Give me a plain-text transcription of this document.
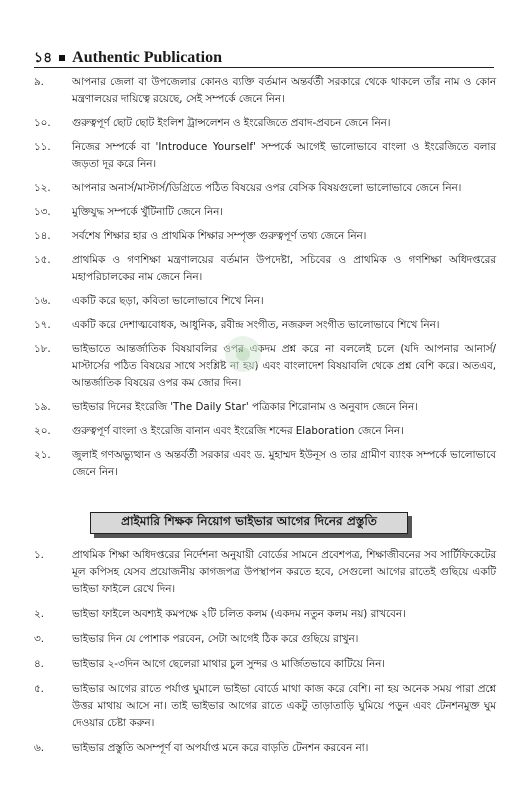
১৪ Authentic Publication
৯.	আপনার জেলা বা উপজেলার কোনও ব্যক্তি বর্তমান অন্তর্বর্তী সরকারে থেকে থাকলে তাঁর নাম ও কোন মন্ত্রণালয়ের দায়িত্বে রয়েছে, সেই সম্পর্কে জেনে নিন।
১০.	গুরুত্বপূর্ণ ছোট ছোট ইংলিশ ট্রান্সলেশন ও ইংরেজিতে প্রবাদ-প্রবচন জেনে নিন।
১১.	নিজের সম্পর্কে বা 'Introduce Yourself' সম্পর্কে আগেই ভালোভাবে বাংলা ও ইংরেজিতে বলার জড়তা দূর করে নিন।
১২.	আপনার অনার্স/মাস্টার্স/ডিগ্রিতে পঠিত বিষয়ের ওপর বেসিক বিষয়গুলো ভালোভাবে জেনে নিন।
১৩.	মুক্তিযুদ্ধ সম্পর্কে খুঁটিনাটি জেনে নিন।
১৪.	সর্বশেষ শিক্ষার হার ও প্রাথমিক শিক্ষার সম্পৃক্ত গুরুত্বপূর্ণ তথ্য জেনে নিন।
১৫.	প্রাথমিক ও গণশিক্ষা মন্ত্রণালয়ের বর্তমান উপদেষ্টা, সচিবের ও প্রাথমিক ও গণশিক্ষা অধিদপ্তরের মহাপরিচালকের নাম জেনে নিন।
১৬.	একটি করে ছড়া, কবিতা ভালোভাবে শিখে নিন।
১৭.	একটি করে দেশাত্মবোধক, আধুনিক, রবীন্দ্র সংগীত, নজরুল সংগীত ভালোভাবে শিখে নিন।
১৮.	ভাইভাতে আন্তর্জাতিক বিষয়াবলির ওপর একদম প্রশ্ন করে না বললেই চলে (যদি আপনার আনার্স/মাস্টার্সের পঠিত বিষয়ের সাথে সংশ্লিষ্ট না হয়) এবং বাংলাদেশ বিষয়াবলি থেকে প্রশ্ন বেশি করে। অতএব, আন্তর্জাতিক বিষয়ের ওপর কম জোর দিন।
১৯.	ভাইভার দিনের ইংরেজি 'The Daily Star' পত্রিকার শিরোনাম ও অনুবাদ জেনে নিন।
২০.	গুরুত্বপূর্ণ বাংলা ও ইংরেজি বানান এবং ইংরেজি শব্দের Elaboration জেনে নিন।
২১.	জুলাই গণঅভ্যুত্থান ও অন্তর্বর্তী সরকার এবং ড. মুহাম্মদ ইউনূস ও তার গ্রামীণ ব্যাংক সম্পর্কে ভালোভাবে জেনে নিন।
প্রাইমারি শিক্ষক নিয়োগ ভাইভার আগের দিনের প্রস্তুতি
১.	প্রাথমিক শিক্ষা অধিদপ্তরের নির্দেশনা অনুযায়ী বোর্ডের সামনে প্রবেশপত্র, শিক্ষাজীবনের সব সার্টিফিকেটের মূল কপিসহ যেসব প্রয়োজনীয় কাগজপত্র উপস্থাপন করতে হবে, সেগুলো আগের রাতেই গুছিয়ে একটি ভাইভা ফাইলে রেখে দিন।
২.	ভাইভা ফাইলে অবশ্যই কমপক্ষে ২টি চলিত কলম (একদম নতুন কলম নয়) রাখবেন।
৩.	ভাইভার দিন যে পোশাক পরবেন, সেটা আগেই ঠিক করে গুছিয়ে রাখুন।
৪.	ভাইভার ২-৩দিন আগে ছেলেরা মাথার চুল সুন্দর ও মার্জিতভাবে কাটিয়ে নিন।
৫.	ভাইভার আগের রাতে পর্যাপ্ত ঘুমালে ভাইভা বোর্ডে মাথা কাজ করে বেশি। না হয় অনেক সময় পারা প্রশ্নে উত্তর মাথায় আসে না। তাই ভাইভার আগের রাতে একটু তাড়াতাড়ি ঘুমিয়ে পড়ুন এবং টেনশনমুক্ত ঘুম দেওয়ার চেষ্টা করুন।
৬.	ভাইভার প্রস্তুতি অসম্পূর্ণ বা অপর্যাপ্ত মনে করে বাড়তি টেনশন করবেন না।
